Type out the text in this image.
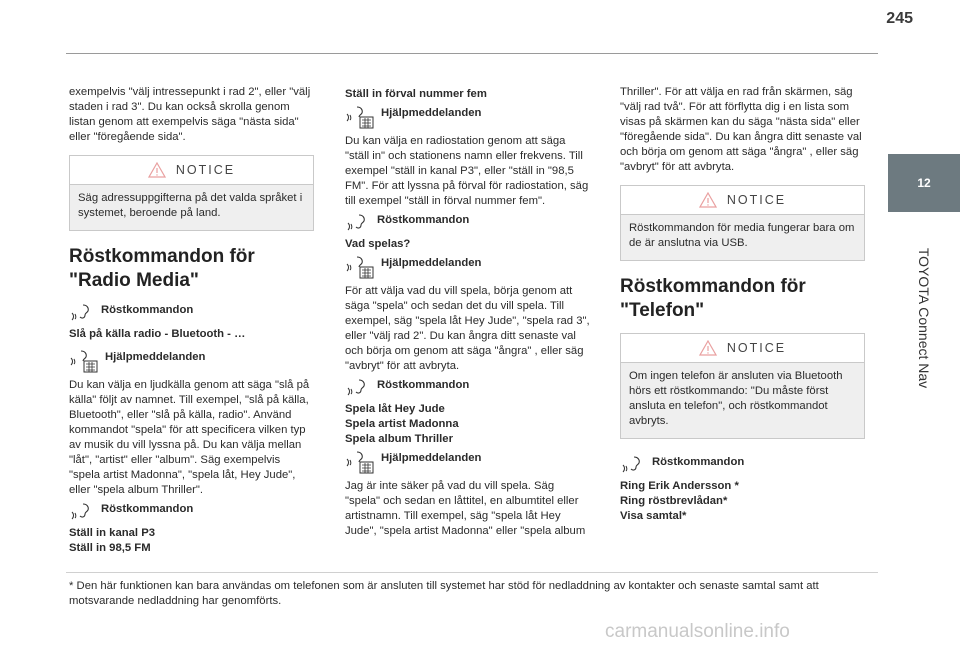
245
12
TOYOTA Connect Nav

exempelvis "välj intressepunkt i rad 2", eller "välj staden i rad 3". Du kan också skrolla genom listan genom att exempelvis säga "nästa sida" eller "föregående sida".

NOTICE
Säg adressuppgifterna på det valda språket i systemet, beroende på land.
Röstkommandon för "Radio Media"
Röstkommandon

Slå på källa radio - Bluetooth - …

Hjälpmeddelanden

Du kan välja en ljudkälla genom att säga "slå på källa" följt av namnet. Till exempel, "slå på källa, Bluetooth", eller "slå på källa, radio". Använd kommandot "spela" för att specificera vilken typ av musik du vill lyssna på. Du kan välja mellan "låt", "artist" eller "album". Säg exempelvis "spela artist Madonna", "spela låt, Hey Jude", eller "spela album Thriller".

Röstkommandon

Ställ in kanal P3

Ställ in 98,5 FM

Ställ in förval nummer fem

Hjälpmeddelanden

Du kan välja en radiostation genom att säga "ställ in" och stationens namn eller frekvens. Till exempel "ställ in kanal P3", eller "ställ in "98,5 FM". För att lyssna på förval för radiostation, säg till exempel "ställ in förval nummer fem".

Röstkommandon

Vad spelas?

Hjälpmeddelanden

För att välja vad du vill spela, börja genom att säga "spela" och sedan det du vill spela. Till exempel, säg "spela låt Hey Jude", "spela rad 3", eller "välj rad 2". Du kan ångra ditt senaste val och börja om genom att säga "ångra" , eller säg "avbryt" för att avbryta.

Röstkommandon

Spela låt Hey Jude

Spela artist Madonna

Spela album Thriller

Hjälpmeddelanden

Jag är inte säker på vad du vill spela. Säg "spela" och sedan en låttitel, en albumtitel eller artistnamn. Till exempel, säg "spela låt Hey Jude", "spela artist Madonna" eller "spela album

Thriller". För att välja en rad från skärmen, säg "välj rad två". För att förflytta dig i en lista som visas på skärmen kan du säga "nästa sida" eller "föregående sida". Du kan ångra ditt senaste val och börja om genom att säga "ångra" , eller säg "avbryt" för att avbryta.

NOTICE
Röstkommandon för media fungerar bara om de är anslutna via USB.
Röstkommandon för "Telefon"
NOTICE
Om ingen telefon är ansluten via Bluetooth hörs ett röstkommando: "Du måste först ansluta en telefon", och röstkommandot avbryts.
Röstkommandon

Ring Erik Andersson *

Ring röstbrevlådan*

Visa samtal*

* Den här funktionen kan bara användas om telefonen som är ansluten till systemet har stöd för nedladdning av kontakter och senaste samtal samt att motsvarande nedladdning har genomförts.

carmanualsonline.info
